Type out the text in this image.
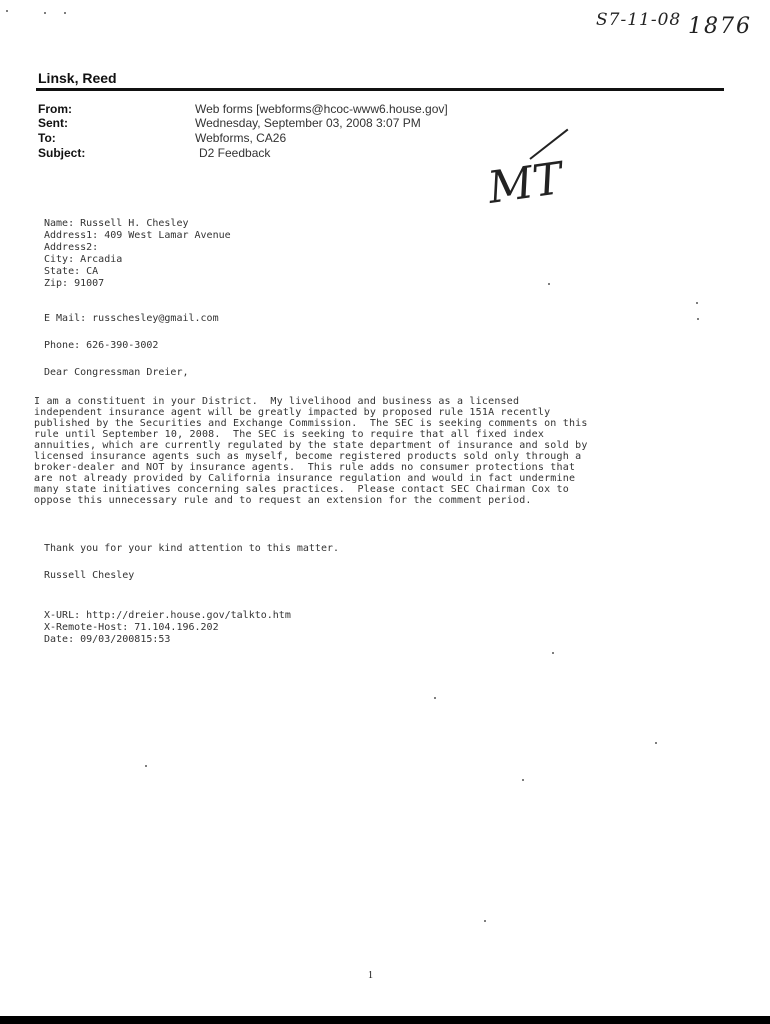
S7-11-08 1876
MT
Linsk, Reed
From:	Web forms [webforms@hcoc-www6.house.gov]
Sent:	Wednesday, September 03, 2008 3:07 PM
To:	Webforms, CA26
Subject:	D2 Feedback
Name: Russell H. Chesley
Address1: 409 West Lamar Avenue
Address2:
City: Arcadia
State: CA
Zip: 91007
E Mail: russchesley@gmail.com
Phone: 626-390-3002
Dear Congressman Dreier,
I am a constituent in your District.  My livelihood and business as a licensed
independent insurance agent will be greatly impacted by proposed rule 151A recently
published by the Securities and Exchange Commission.  The SEC is seeking comments on this
rule until September 10, 2008.  The SEC is seeking to require that all fixed index
annuities, which are currently regulated by the state department of insurance and sold by
licensed insurance agents such as myself, become registered products sold only through a
broker-dealer and NOT by insurance agents.  This rule adds no consumer protections that
are not already provided by California insurance regulation and would in fact undermine
many state initiatives concerning sales practices.  Please contact SEC Chairman Cox to
oppose this unnecessary rule and to request an extension for the comment period.
Thank you for your kind attention to this matter.
Russell Chesley
X-URL: http://dreier.house.gov/talkto.htm
X-Remote-Host: 71.104.196.202
Date: 09/03/200815:53
1
